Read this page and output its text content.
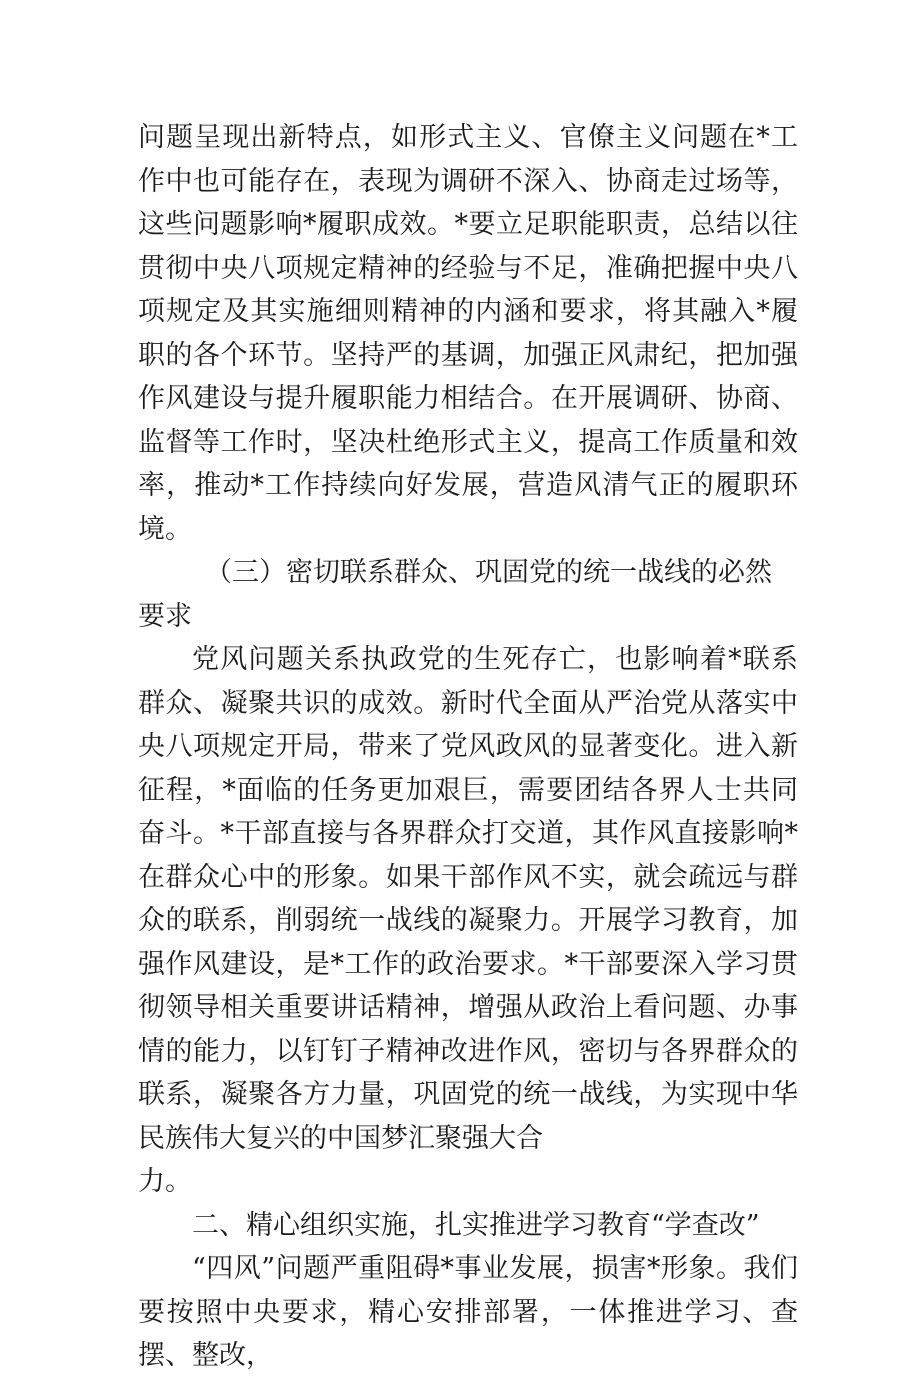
问题呈现出新特点，如形式主义、官僚主义问题在*工作中也可能存在，表现为调研不深入、协商走过场等，这些问题影响*履职成效。*要立足职能职责，总结以往贯彻中央八项规定精神的经验与不足，准确把握中央八项规定及其实施细则精神的内涵和要求，将其融入*履职的各个环节。坚持严的基调，加强正风肃纪，把加强作风建设与提升履职能力相结合。在开展调研、协商、监督等工作时，坚决杜绝形式主义，提高工作质量和效率，推动*工作持续向好发展，营造风清气正的履职环境。

（三）密切联系群众、巩固党的统一战线的必然要求

党风问题关系执政党的生死存亡，也影响着*联系群众、凝聚共识的成效。新时代全面从严治党从落实中央八项规定开局，带来了党风政风的显著变化。进入新征程，*面临的任务更加艰巨，需要团结各界人士共同奋斗。*干部直接与各界群众打交道，其作风直接影响*在群众心中的形象。如果干部作风不实，就会疏远与群众的联系，削弱统一战线的凝聚力。开展学习教育，加强作风建设，是*工作的政治要求。*干部要深入学习贯彻领导相关重要讲话精神，增强从政治上看问题、办事情的能力，以钉钉子精神改进作风，密切与各界群众的联系，凝聚各方力量，巩固党的统一战线，为实现中华民族伟大复兴的中国梦汇聚强大合

力。

二、精心组织实施，扎实推进学习教育“学查改”

“四风”问题严重阻碍*事业发展，损害*形象。我们要按照中央要求，精心安排部署，一体推进学习、查摆、整改，
